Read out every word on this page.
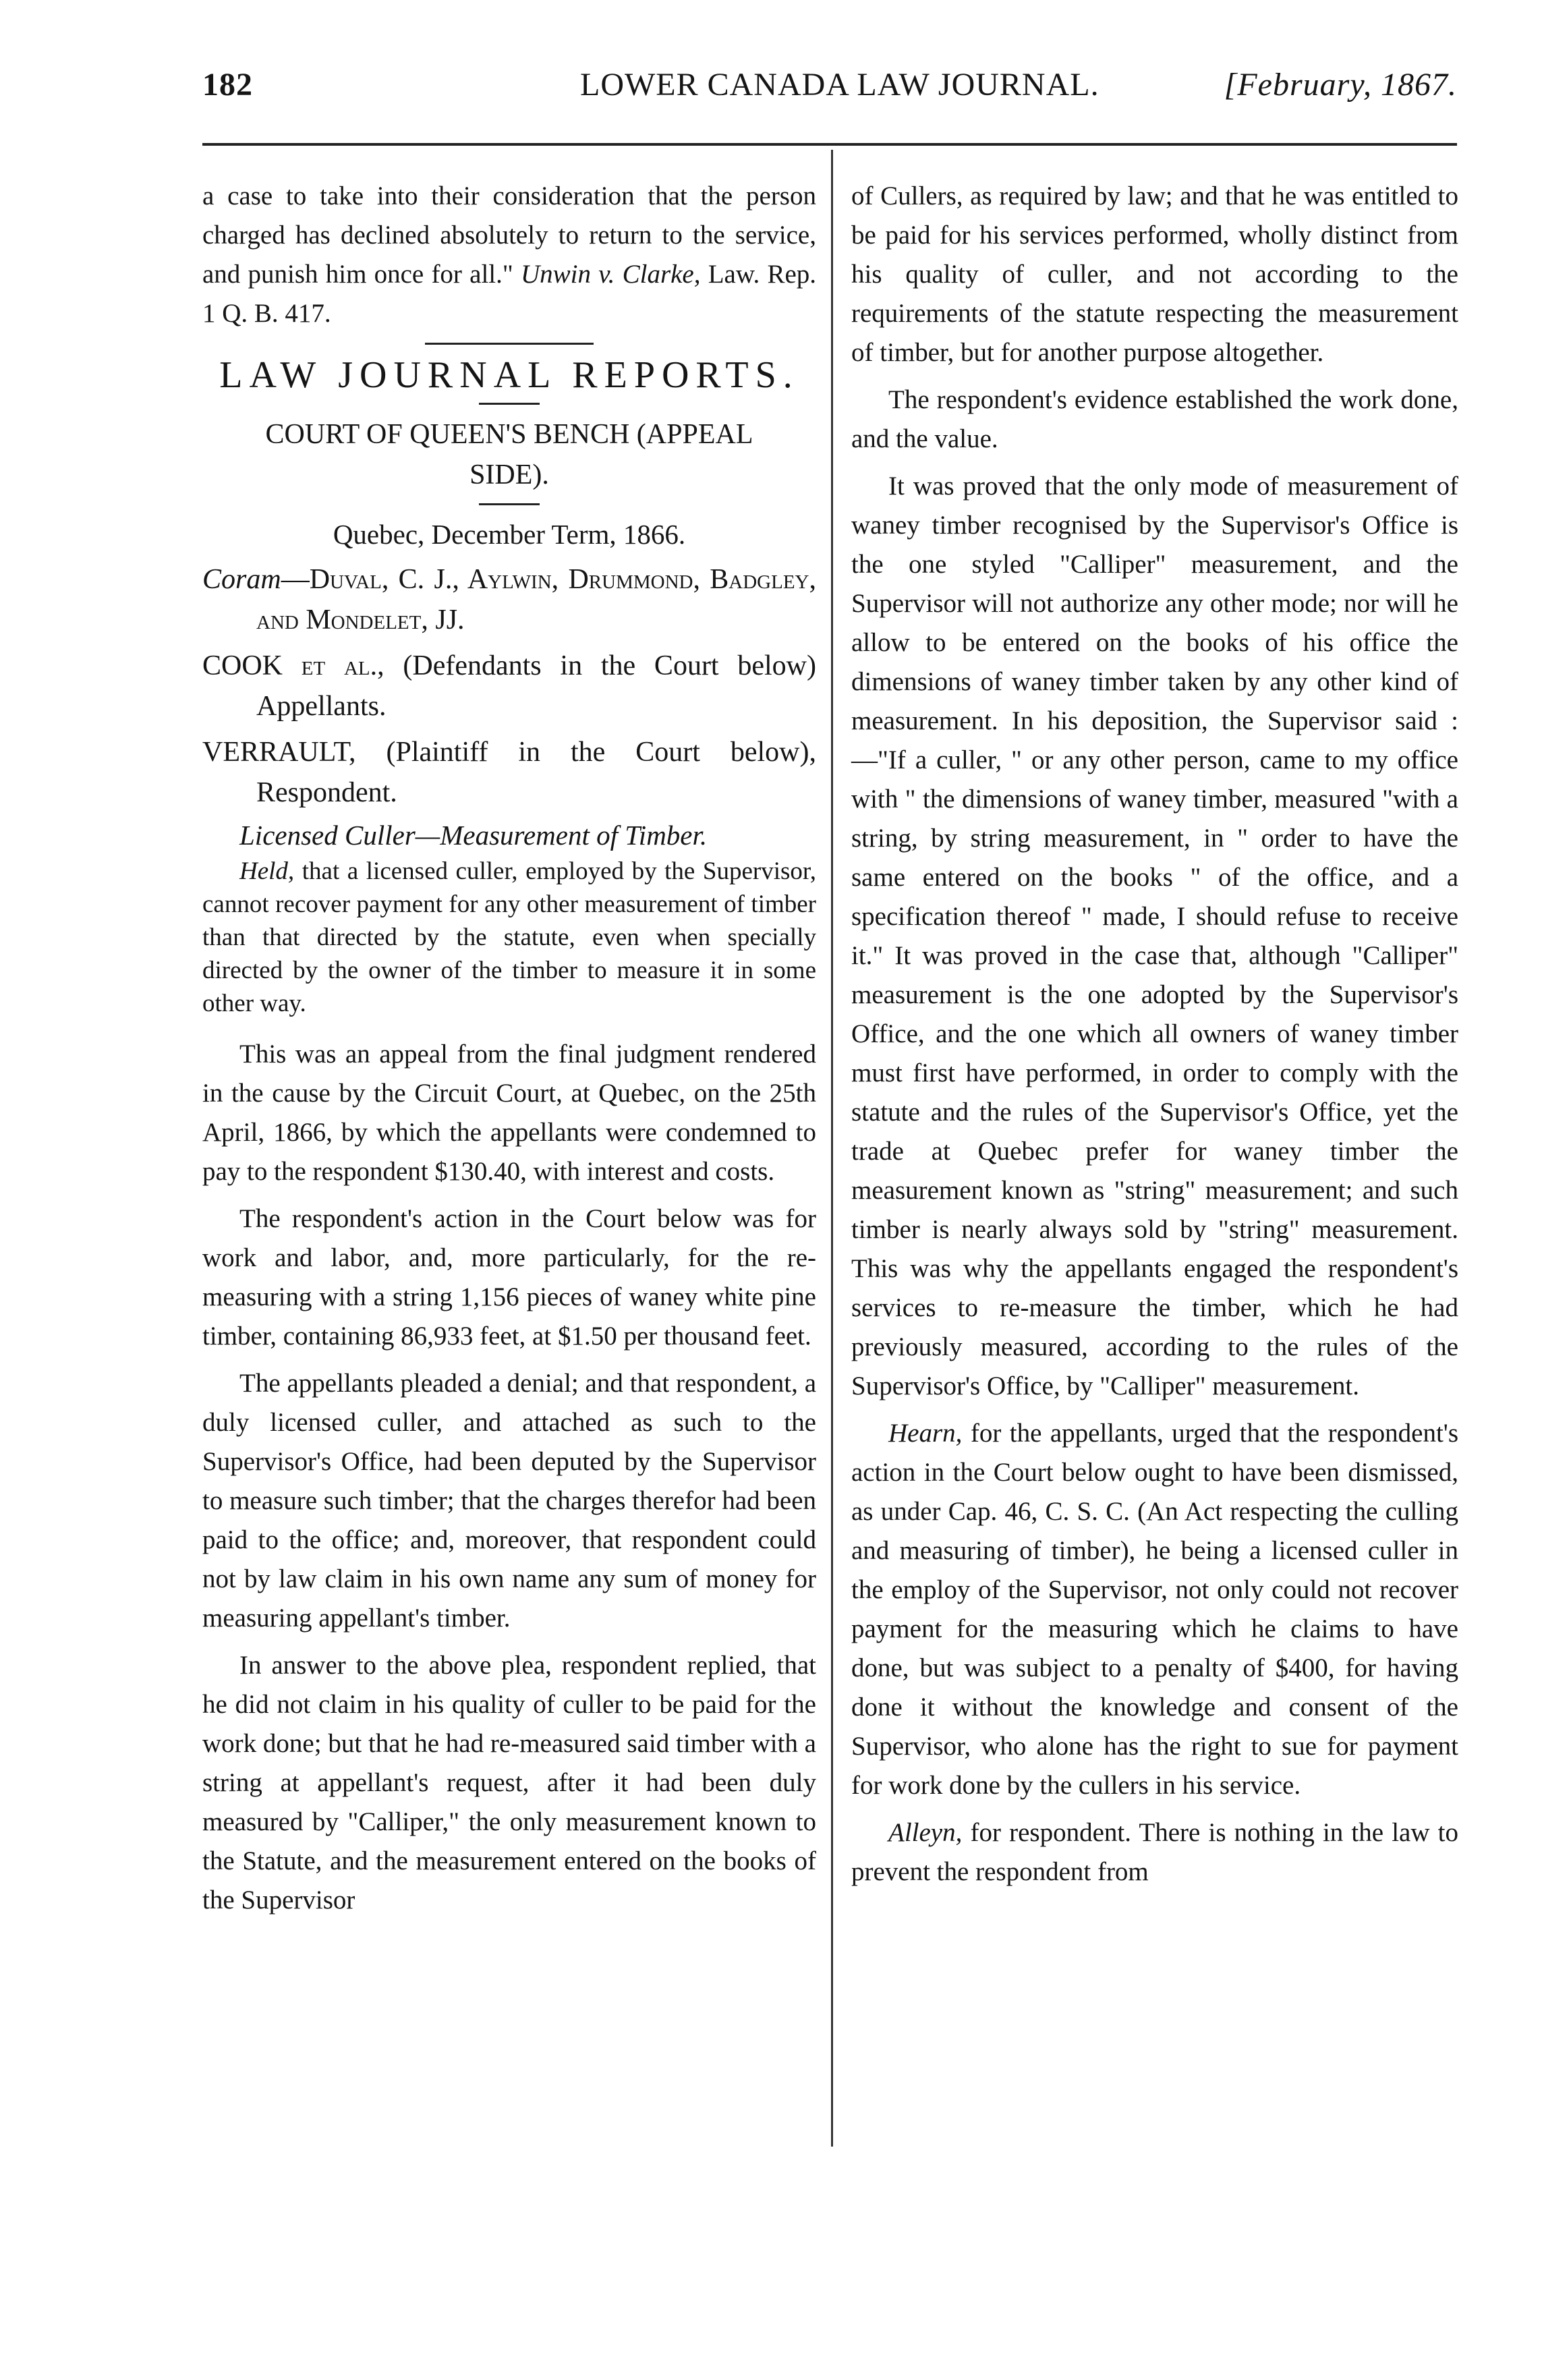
182	LOWER CANADA LAW JOURNAL.	[February, 1867.

a case to take into their consideration that the person charged has declined absolutely to return to the service, and punish him once for all." Unwin v. Clarke, Law. Rep. 1 Q. B. 417.

LAW JOURNAL REPORTS.
COURT OF QUEEN'S BENCH (APPEAL
SIDE).

Quebec, December Term, 1866.

Coram—Duval, C. J., Aylwin, Drummond, Badgley, and Mondelet, JJ.

COOK et al., (Defendants in the Court below) Appellants.

VERRAULT, (Plaintiff in the Court below), Respondent.

Licensed Culler—Measurement of Timber.

Held, that a licensed culler, employed by the Supervisor, cannot recover payment for any other measurement of timber than that directed by the statute, even when specially directed by the owner of the timber to measure it in some other way.

This was an appeal from the final judgment rendered in the cause by the Circuit Court, at Quebec, on the 25th April, 1866, by which the appellants were condemned to pay to the respondent $130.40, with interest and costs.

The respondent's action in the Court below was for work and labor, and, more particularly, for the re-measuring with a string 1,156 pieces of waney white pine timber, containing 86,933 feet, at $1.50 per thousand feet.

The appellants pleaded a denial; and that respondent, a duly licensed culler, and attached as such to the Supervisor's Office, had been deputed by the Supervisor to measure such timber; that the charges therefor had been paid to the office; and, moreover, that respondent could not by law claim in his own name any sum of money for measuring appellant's timber.

In answer to the above plea, respondent replied, that he did not claim in his quality of culler to be paid for the work done; but that he had re-measured said timber with a string at appellant's request, after it had been duly measured by "Calliper," the only measurement known to the Statute, and the measurement entered on the books of the Supervisor

of Cullers, as required by law; and that he was entitled to be paid for his services performed, wholly distinct from his quality of culler, and not according to the requirements of the statute respecting the measurement of timber, but for another purpose altogether.

The respondent's evidence established the work done, and the value.

It was proved that the only mode of measurement of waney timber recognised by the Supervisor's Office is the one styled "Calliper" measurement, and the Supervisor will not authorize any other mode; nor will he allow to be entered on the books of his office the dimensions of waney timber taken by any other kind of measurement. In his deposition, the Supervisor said :—"If a culler, " or any other person, came to my office with " the dimensions of waney timber, measured "with a string, by string measurement, in " order to have the same entered on the books " of the office, and a specification thereof " made, I should refuse to receive it." It was proved in the case that, although "Calliper" measurement is the one adopted by the Supervisor's Office, and the one which all owners of waney timber must first have performed, in order to comply with the statute and the rules of the Supervisor's Office, yet the trade at Quebec prefer for waney timber the measurement known as "string" measurement; and such timber is nearly always sold by "string" measurement. This was why the appellants engaged the respondent's services to re-measure the timber, which he had previously measured, according to the rules of the Supervisor's Office, by "Calliper" measurement.

Hearn, for the appellants, urged that the respondent's action in the Court below ought to have been dismissed, as under Cap. 46, C. S. C. (An Act respecting the culling and measuring of timber), he being a licensed culler in the employ of the Supervisor, not only could not recover payment for the measuring which he claims to have done, but was subject to a penalty of $400, for having done it without the knowledge and consent of the Supervisor, who alone has the right to sue for payment for work done by the cullers in his service.

Alleyn, for respondent. There is nothing in the law to prevent the respondent from
